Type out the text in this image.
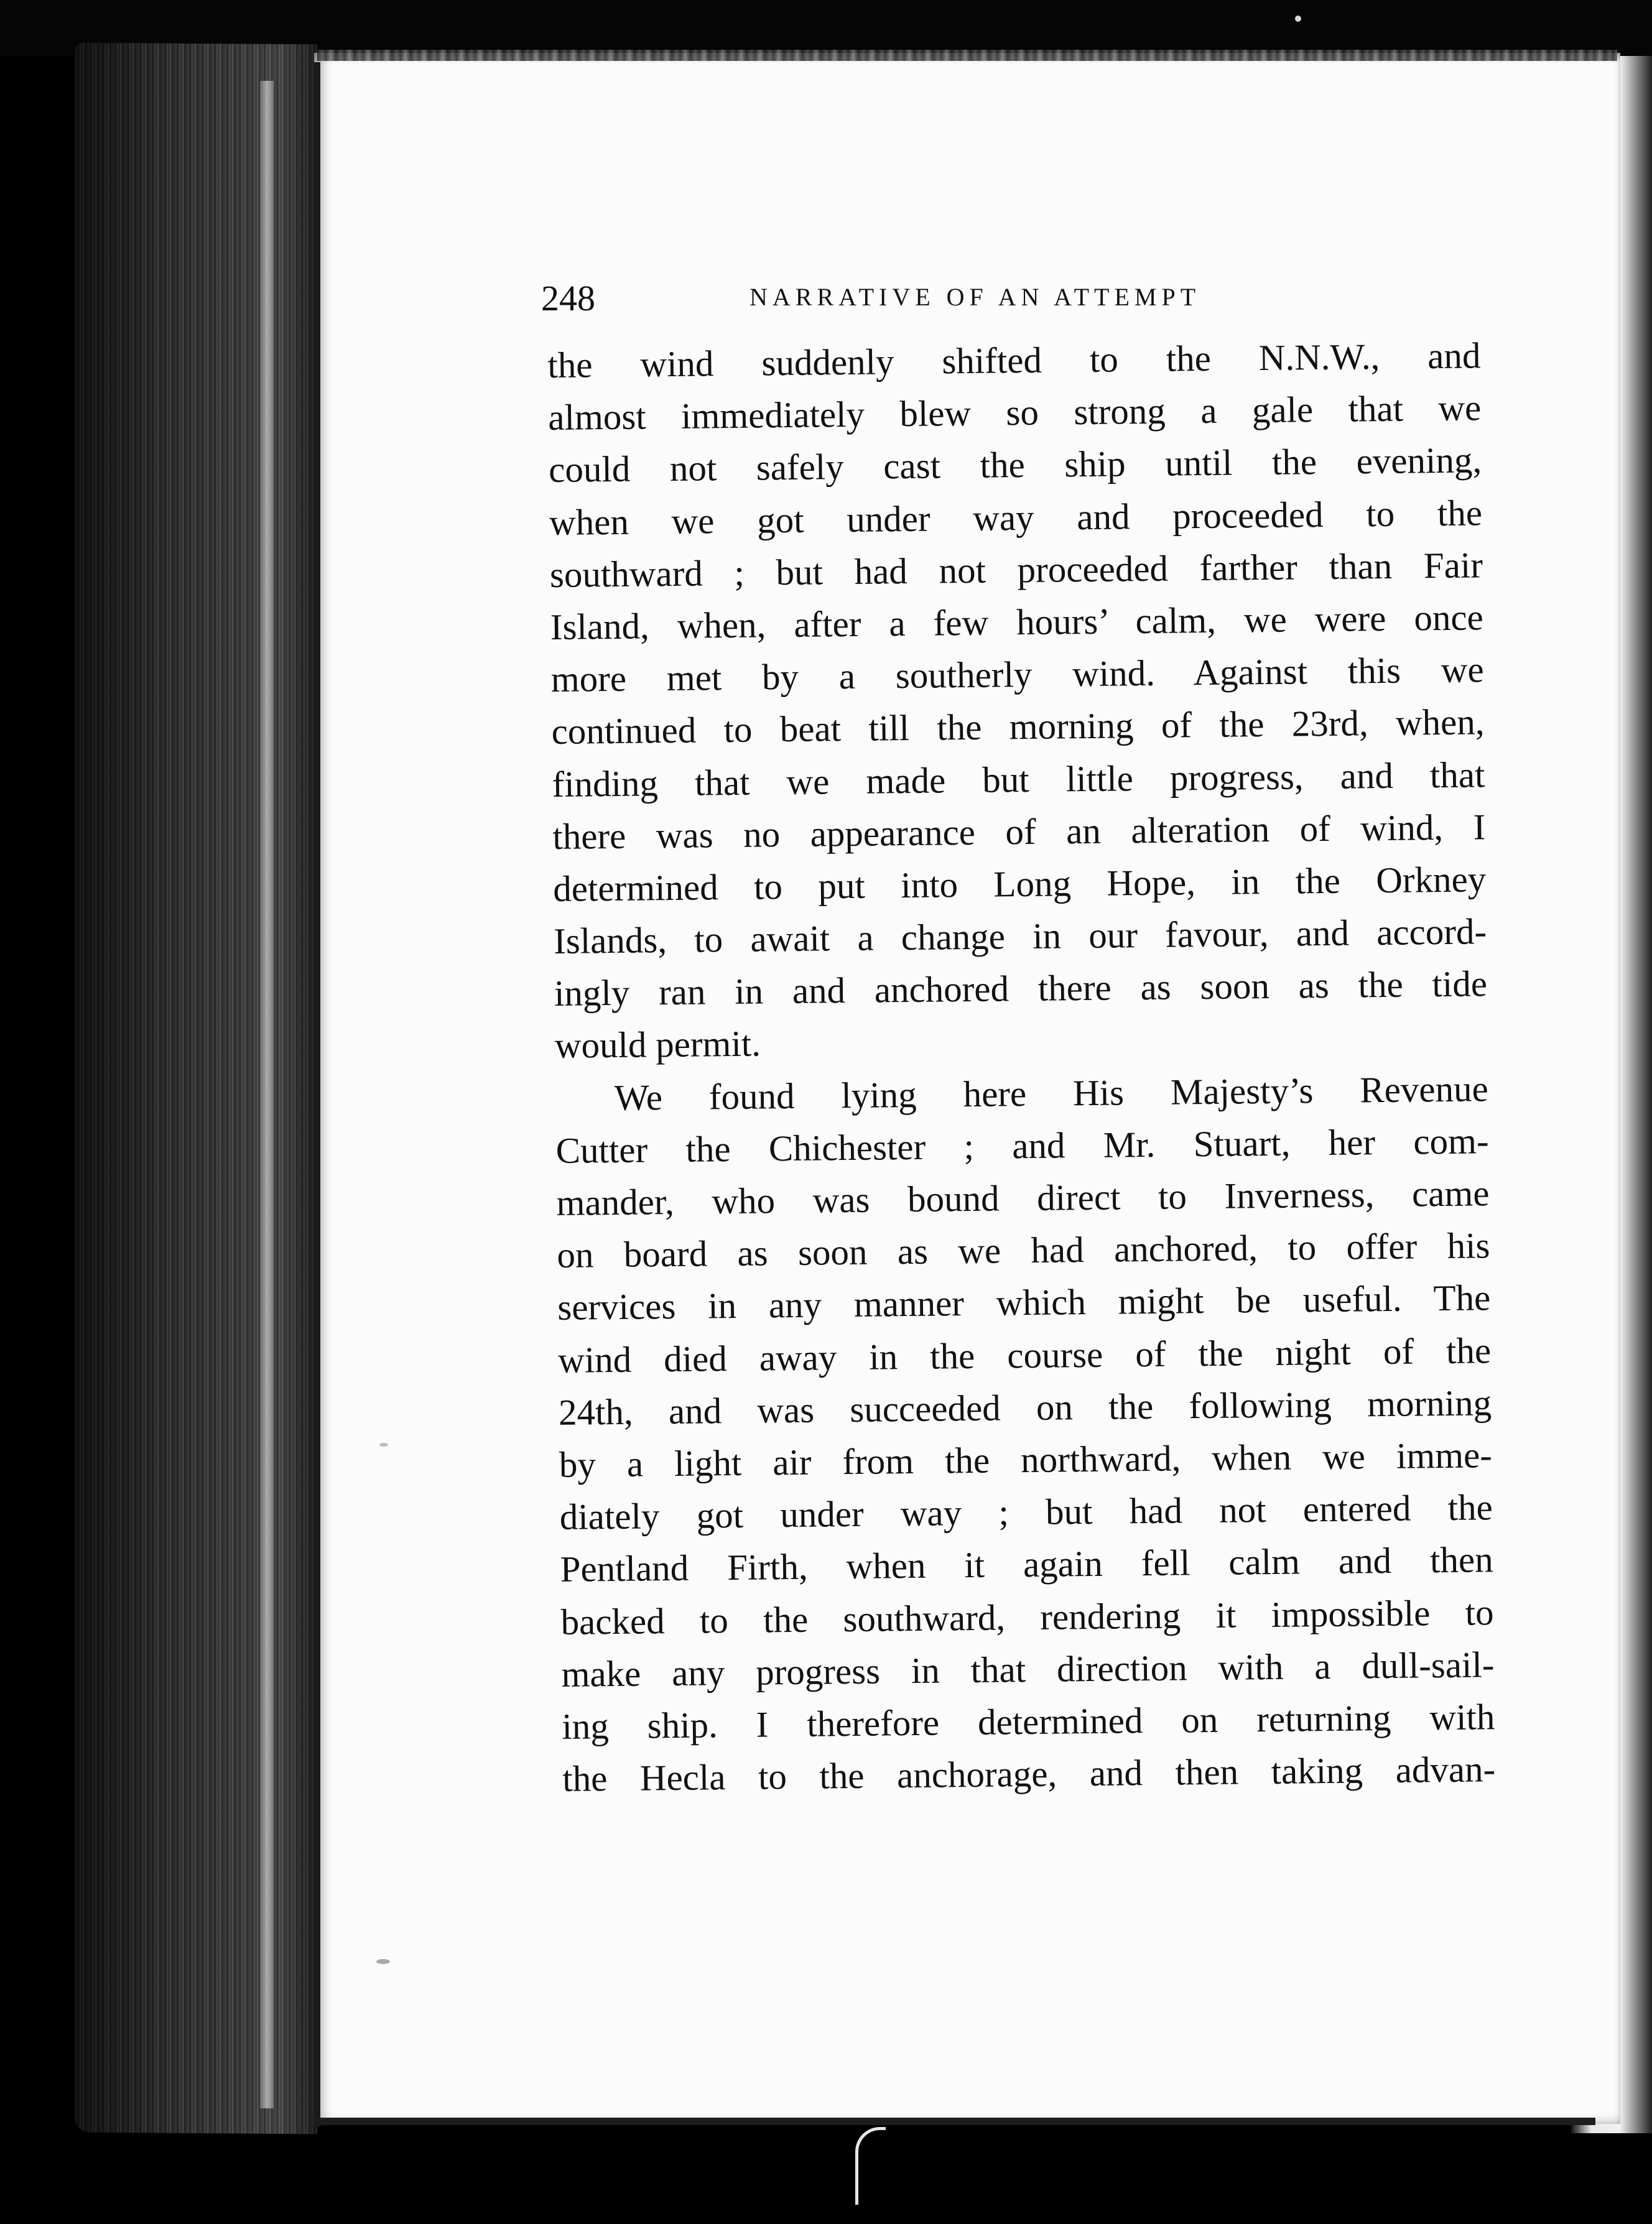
248	NARRATIVE OF AN ATTEMPT
the wind suddenly shifted to the N.N.W., and
almost immediately blew so strong a gale that we
could not safely cast the ship until the evening,
when we got under way and proceeded to the
southward ; but had not proceeded farther than Fair
Island, when, after a few hours’ calm, we were once
more met by a southerly wind. Against this we
continued to beat till the morning of the 23rd, when,
finding that we made but little progress, and that
there was no appearance of an alteration of wind, I
determined to put into Long Hope, in the Orkney
Islands, to await a change in our favour, and accord-
ingly ran in and anchored there as soon as the tide
would permit.
We found lying here His Majesty’s Revenue
Cutter the Chichester ; and Mr. Stuart, her com-
mander, who was bound direct to Inverness, came
on board as soon as we had anchored, to offer his
services in any manner which might be useful. The
wind died away in the course of the night of the
24th, and was succeeded on the following morning
by a light air from the northward, when we imme-
diately got under way ; but had not entered the
Pentland Firth, when it again fell calm and then
backed to the southward, rendering it impossible to
make any progress in that direction with a dull-sail-
ing ship. I therefore determined on returning with
the Hecla to the anchorage, and then taking advan-
